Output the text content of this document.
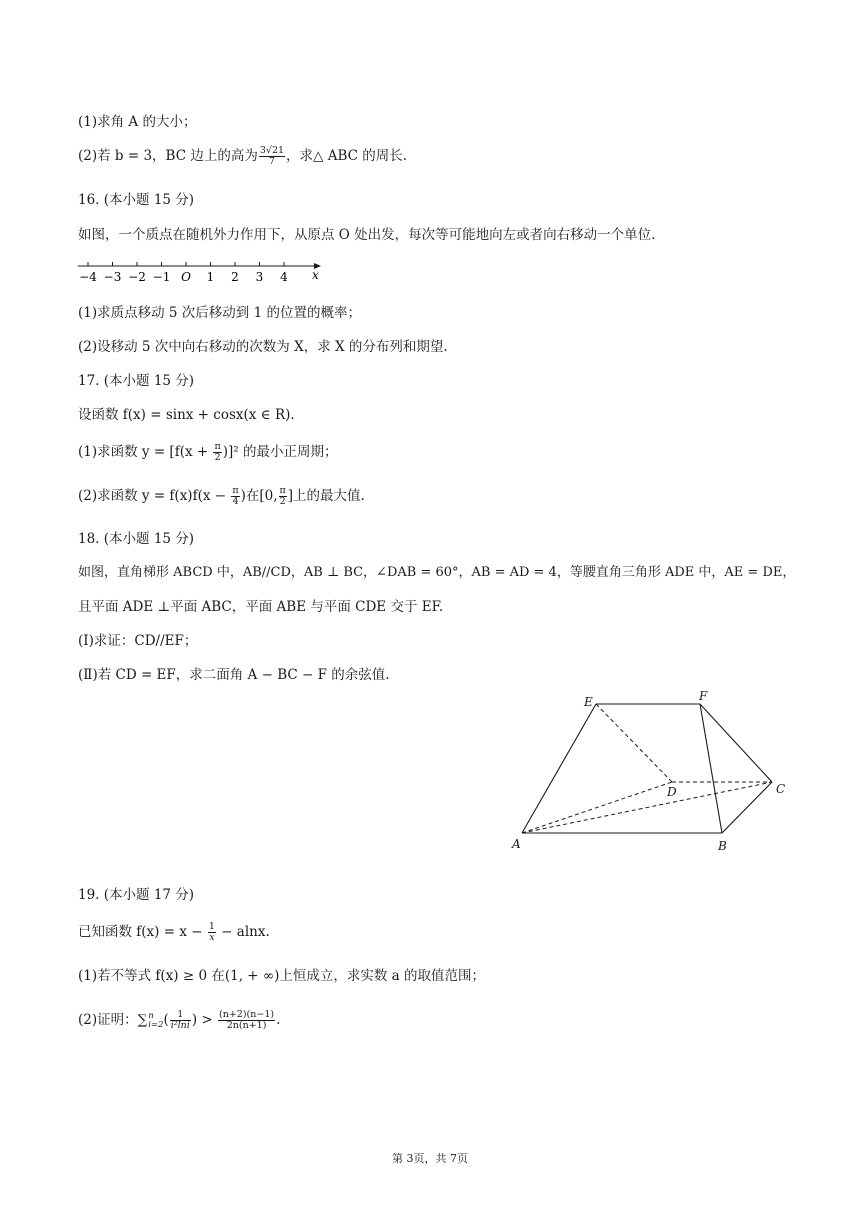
(1)求角 A 的大小；
(2)若 b = 3，BC 边上的高为 $\frac{3√21}{7}$ ，求△ ABC 的周长.
16. (本小题 15 分)
如图，一个质点在随机外力作用下，从原点 O 处出发，每次等可能地向左或者向右移动一个单位.
−4 −3 −2 −1 O 1 2 3 4 x
(1)求质点移动 5 次后移动到 1 的位置的概率；
(2)设移动 5 次中向右移动的次数为 X，求 X 的分布列和期望.
17. (本小题 15 分)
设函数 f(x) = sinx + cosx(x ∈ R).
(1)求函数 $y = [f(x + \frac{\pi}{2} )]^2$ 的最小正周期；
(2)求函数 $y = f(x)f(x - \frac{\pi}{4}$ )在[0, $\frac{\pi}{2}$ ]上的最大值.
18. (本小题 15 分)
如图，直角梯形 ABCD 中，AB//CD，AB ⊥ BC，∠DAB = 60°，AB = AD = 4，等腰直角三角形 ADE 中，AE = DE，
且平面 ADE ⊥平面 ABC，平面 ABE 与平面 CDE 交于 EF.
(I)求证：CD//EF；
(Ⅱ)若 CD = EF，求二面角 A − BC − F 的余弦值.
A	B
C
D
E	F
19. (本小题 17 分)
已知函数 $f(x) = x - \frac{1}{x} - alnx$.
(1)若不等式 f(x) ≥ 0 在(1, + ∞)上恒成立，求实数 a 的取值范围；
(2)证明：∑ n
i=2 ( $\frac{1}{\text{i²lni}}$ ) > $\frac{(n+2)(n-1)}{2n(n+1)}$ .
第 3页，共 7页
